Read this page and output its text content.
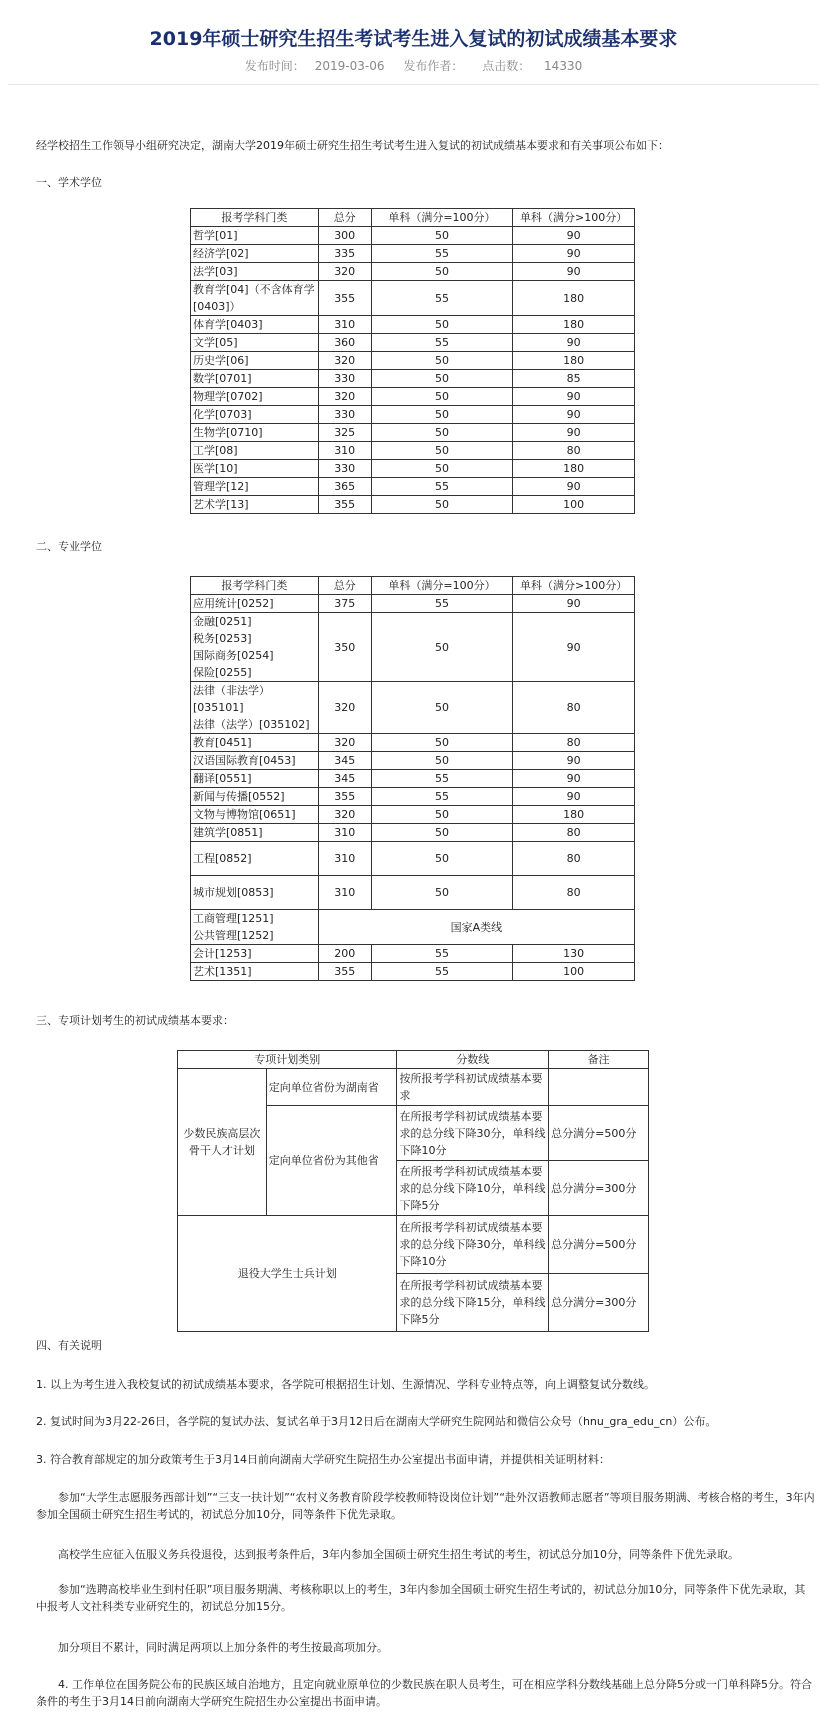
2019年硕士研究生招生考试考生进入复试的初试成绩基本要求
发布时间： 2019-03-06 发布作者： 点击数： 14330
经学校招生工作领导小组研究决定，湖南大学2019年硕士研究生招生考试考生进入复试的初试成绩基本要求和有关事项公布如下：
一、学术学位
报考学科门类	总分	单科（满分=100分）	单科（满分>100分）
哲学[01]	300	50	90
经济学[02]	335	55	90
法学[03]	320	50	90
教育学[04]（不含体育学[0403]）	355	55	180
体育学[0403]	310	50	180
文学[05]	360	55	90
历史学[06]	320	50	180
数学[0701]	330	50	85
物理学[0702]	320	50	90
化学[0703]	330	50	90
生物学[0710]	325	50	90
工学[08]	310	50	80
医学[10]	330	50	180
管理学[12]	365	55	90
艺术学[13]	355	50	100
二、专业学位
报考学科门类	总分	单科（满分=100分）	单科（满分>100分）
应用统计[0252]	375	55	90
金融[0251]
税务[0253]
国际商务[0254]
保险[0255]	350	50	90
法律（非法学）[035101]
法律（法学）[035102]	320	50	80
教育[0451]	320	50	80
汉语国际教育[0453]	345	50	90
翻译[0551]	345	55	90
新闻与传播[0552]	355	55	90
文物与博物馆[0651]	320	50	180
建筑学[0851]	310	50	80
工程[0852]	310	50	80
城市规划[0853]	310	50	80
工商管理[1251]
公共管理[1252]	国家A类线		
会计[1253]	200	55	130
艺术[1351]	355	55	100
三、专项计划考生的初试成绩基本要求：
专项计划类别		分数线	备注
少数民族高层次骨干人才计划	定向单位省份为湖南省	按所报考学科初试成绩基本要求	
	定向单位省份为其他省	在所报考学科初试成绩基本要求的总分线下降30分，单科线下降10分	总分满分=500分
		在所报考学科初试成绩基本要求的总分线下降10分，单科线下降5分	总分满分=300分
退役大学生士兵计划		在所报考学科初试成绩基本要求的总分线下降30分，单科线下降10分	总分满分=500分
		在所报考学科初试成绩基本要求的总分线下降15分，单科线下降5分	总分满分=300分
四、有关说明
1. 以上为考生进入我校复试的初试成绩基本要求，各学院可根据招生计划、生源情况、学科专业特点等，向上调整复试分数线。
2. 复试时间为3月22-26日，各学院的复试办法、复试名单于3月12日后在湖南大学研究生院网站和微信公众号（hnu_gra_edu_cn）公布。
3. 符合教育部规定的加分政策考生于3月14日前向湖南大学研究生院招生办公室提出书面申请，并提供相关证明材料：
参加“大学生志愿服务西部计划”“三支一扶计划”“农村义务教育阶段学校教师特设岗位计划”“赴外汉语教师志愿者”等项目服务期满、考核合格的考生，3年内参加全国硕士研究生招生考试的，初试总分加10分，同等条件下优先录取。
高校学生应征入伍服义务兵役退役，达到报考条件后，3年内参加全国硕士研究生招生考试的考生，初试总分加10分，同等条件下优先录取。
参加“选聘高校毕业生到村任职”项目服务期满、考核称职以上的考生，3年内参加全国硕士研究生招生考试的，初试总分加10分，同等条件下优先录取，其中报考人文社科类专业研究生的，初试总分加15分。
加分项目不累计，同时满足两项以上加分条件的考生按最高项加分。
4. 工作单位在国务院公布的民族区域自治地方，且定向就业原单位的少数民族在职人员考生，可在相应学科分数线基础上总分降5分或一门单科降5分。符合条件的考生于3月14日前向湖南大学研究生院招生办公室提出书面申请。
